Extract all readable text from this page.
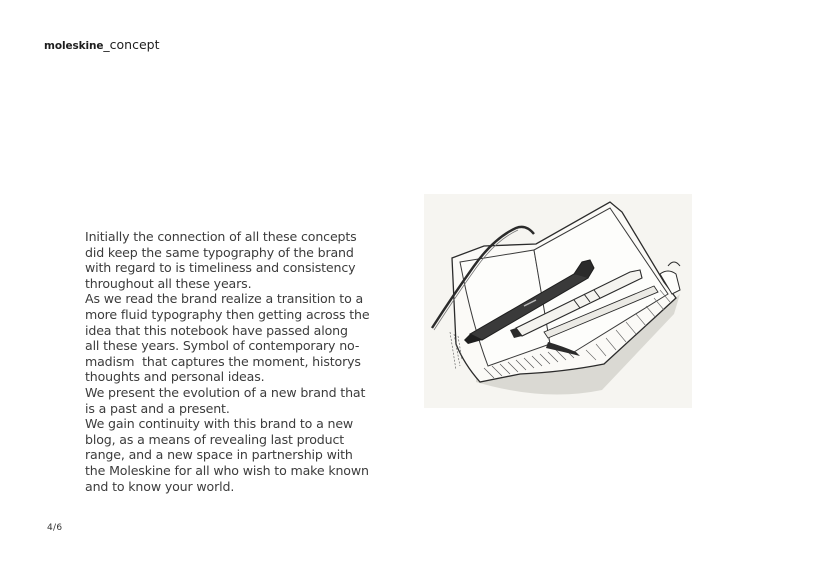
moleskine_concept
Initially the connection of all these concepts
did keep the same typography of the brand
with regard to is timeliness and consistency
throughout all these years.
As we read the brand realize a transition to a
more fluid typography then getting across the
idea that this notebook have passed along
all these years. Symbol of contemporary no-
madism  that captures the moment, historys
thoughts and personal ideas.
We present the evolution of a new brand that
is a past and a present.
We gain continuity with this brand to a new
blog, as a means of revealing last product
range, and a new space in partnership with
the Moleskine for all who wish to make known
and to know your world.
4/6
